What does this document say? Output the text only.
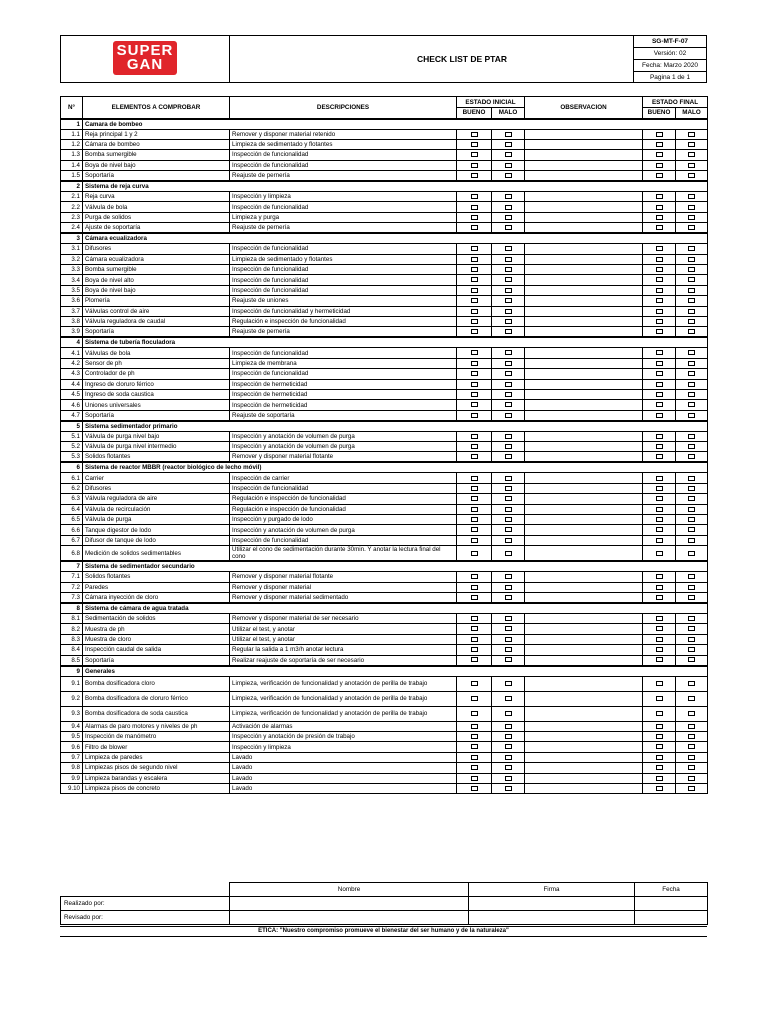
SUPER
GAN	CHECK LIST DE PTAR
SG-MT-F-07
Versión: 02
Fecha: Marzo 2020
Pagina 1 de 1
N°	ELEMENTOS A COMPROBAR	DESCRIPCIONES	ESTADO INICIAL		OBSERVACION	ESTADO FINAL	
			BUENO	MALO		BUENO	MALO
1	Camara de bombeo						
1.1	Reja principal 1 y 2	Remover y disponer material retenido					
1.2	Cámara de bombeo	Limpieza de sedimentado y flotantes					
1.3	Bomba sumergible	Inspección de funcionalidad					
1.4	Boya de nivel bajo	Inspección de funcionalidad					
1.5	Soportaría	Reajuste de pernería					
2	Sistema de reja curva						
2.1	Reja curva	Inspección y limpieza					
2.2	Válvula de bola	Inspección de funcionalidad					
2.3	Purga de solidos	Limpieza y purga					
2.4	Ajuste de soportaría	Reajuste de pernería					
3	Cámara ecualizadora						
3.1	Difusores	Inspección de funcionalidad					
3.2	Cámara ecualizadora	Limpieza de sedimentado y flotantes					
3.3	Bomba sumergible	Inspección de funcionalidad					
3.4	Boya de nivel alto	Inspección de funcionalidad					
3.5	Boya de nivel bajo	Inspección de funcionalidad					
3.6	Plomería	Reajuste de uniones					
3.7	Válvulas control de aire	Inspección de funcionalidad y hermeticidad					
3.8	Válvula reguladora de caudal	Regulación e inspección de funcionalidad					
3.9	Soportaría	Reajuste de pernería					
4	Sistema de tubería floculadora						
4.1	Válvulas de bola	Inspección de funcionalidad					
4.2	Sensor de ph	Limpieza de membrana					
4.3	Controlador de ph	Inspección de funcionalidad					
4.4	Ingreso de cloruro férrico	Inspección de hermeticidad					
4.5	Ingreso de soda caustica	Inspección de hermeticidad					
4.6	Uniones universales	Inspección de hermeticidad					
4.7	Soportaría	Reajuste de soportaría					
5	Sistema sedimentador primario						
5.1	Válvula de purga nivel bajo	Inspección y anotación de volumen de purga					
5.2	Válvula de purga nivel intermedio	Inspección y anotación de volumen de purga					
5.3	Solidos flotantes	Remover y disponer material flotante					
6	Sistema de reactor MBBR (reactor biológico de lecho móvil)						
6.1	Carrier	Inspección de carrier					
6.2	Difusores	Inspección de funcionalidad					
6.3	Válvula reguladora de aire	Regulación e inspección de funcionalidad					
6.4	Válvula de recirculación	Regulación e inspección de funcionalidad					
6.5	Válvula de purga	Inspección y purgado de lodo					
6.6	Tanque digestor de lodo	Inspección y anotación de volumen de purga					
6.7	Difusor de tanque de lodo	Inspección de funcionalidad					
6.8	Medición de solidos sedimentables	Utilizar el cono de sedimentación durante 30min. Y anotar la lectura final del cono					
7	Sistema de sedimentador secundario						
7.1	Solidos flotantes	Remover y disponer material flotante					
7.2	Paredes	Remover y disponer material					
7.3	Cámara inyección de cloro	Remover y disponer material sedimentado					
8	Sistema de cámara de agua tratada						
8.1	Sedimentación de solidos	Remover y disponer material de ser necesario					
8.2	Muestra de ph	Utilizar el test, y anotar					
8.3	Muestra de cloro	Utilizar el test, y anotar					
8.4	Inspección caudal de salida	Regular la salida a 1 m3/h anotar lectura					
8.5	Soportaría	Realizar reajuste de soportaría de ser necesario					
9	Generales						
9.1	Bomba dosificadora cloro	Limpieza, verificación de funcionalidad y anotación de perilla de trabajo					
9.2	Bomba dosificadora de cloruro férrico	Limpieza, verificación de funcionalidad y anotación de perilla de trabajo					
9.3	Bomba dosificadora de soda caustica	Limpieza, verificación de funcionalidad y anotación de perilla de trabajo					
9.4	Alarmas de paro motores y niveles de ph	Activación de alarmas					
9.5	Inspección de manómetro	Inspección y anotación de presión de trabajo					
9.6	Filtro de blower	Inspección y limpieza					
9.7	Limpieza de paredes	Lavado					
9.8	Limpiezas pisos de segundo nivel	Lavado					
9.9	Limpieza barandas y escalera	Lavado					
9.10	Limpieza pisos de concreto	Lavado					
	Nombre	Firma	Fecha
Realizado por:			
Revisado por:			
ETICA: "Nuestro compromiso promueve el bienestar del ser humano y de la naturaleza"
